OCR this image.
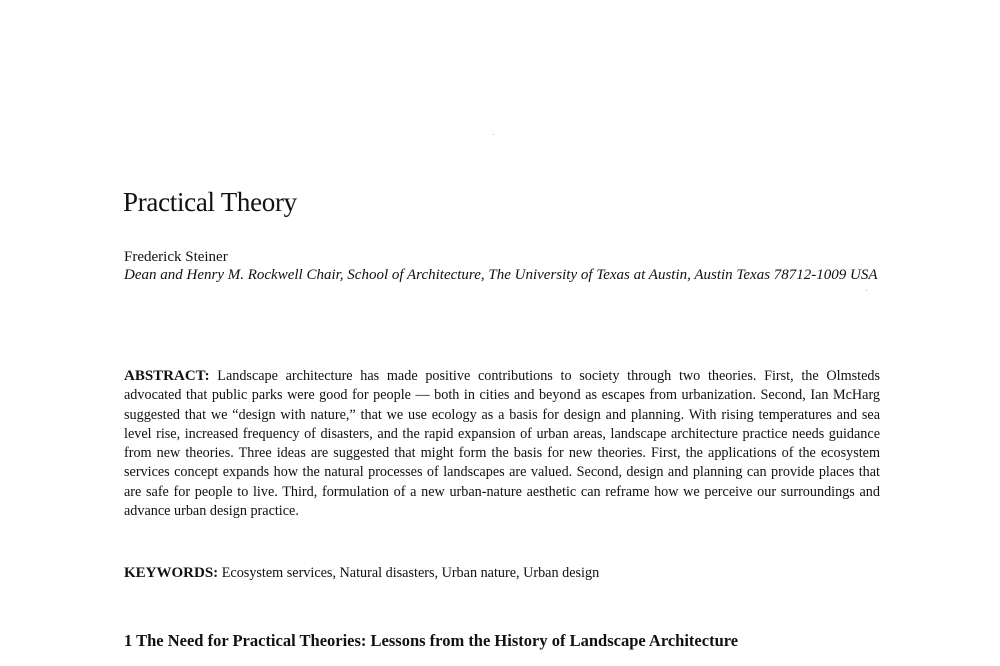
Practical Theory

Frederick Steiner

Dean and Henry M. Rockwell Chair, School of Architecture, The University of Texas at Austin, Austin Texas 78712-1009 USA

ABSTRACT: Landscape architecture has made positive contributions to society through two theories. First, the Olmsteds advocated that public parks were good for people — both in cities and beyond as escapes from urbanization. Second, Ian McHarg suggested that we “design with nature,” that we use ecology as a basis for design and planning. With rising temperatures and sea level rise, increased frequency of disasters, and the rapid expansion of urban areas, landscape architecture practice needs guidance from new theories. Three ideas are suggested that might form the basis for new theories. First, the applications of the ecosystem services concept expands how the natural processes of landscapes are valued. Second, design and planning can provide places that are safe for people to live. Third, formulation of a new urban-nature aesthetic can reframe how we perceive our surroundings and advance urban design practice.

KEYWORDS: Ecosystem services, Natural disasters, Urban nature, Urban design

1 The Need for Practical Theories: Lessons from the History of Landscape Architecture
